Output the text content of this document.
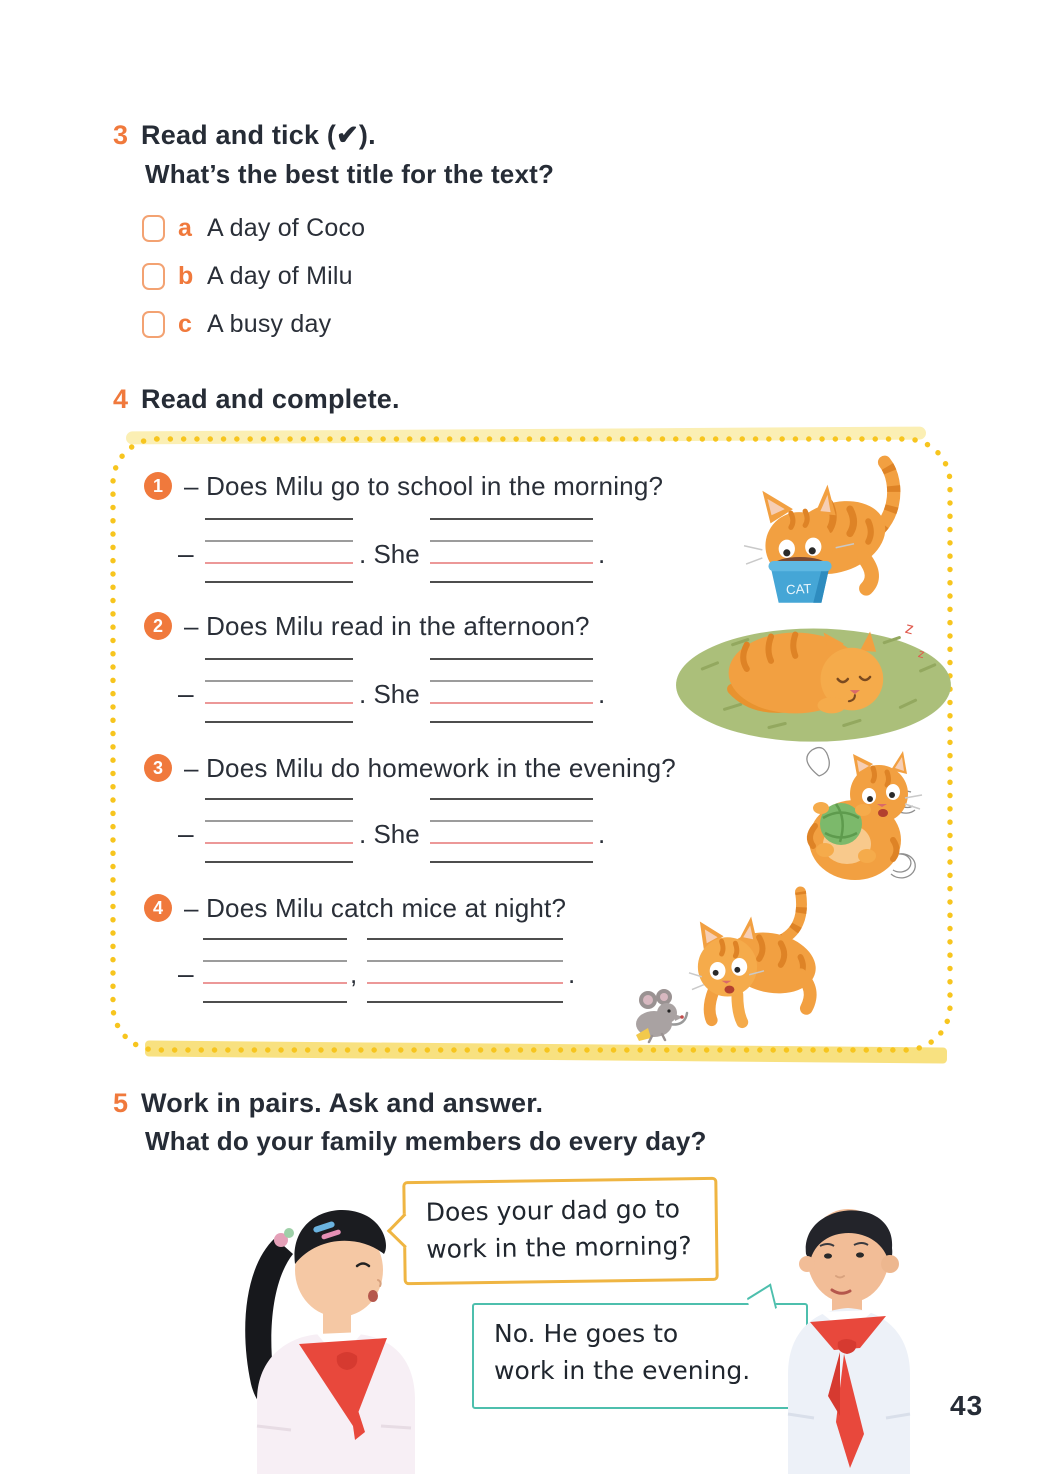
3 Read and tick (✔).
What’s the best title for the text?
a A day of Coco
b A day of Milu
c A busy day
4 Read and complete.
1 – Does Milu go to school in the morning?
–	. She	.
2 – Does Milu read in the afternoon?
–	. She	.
3 – Does Milu do homework in the evening?
–	. She	.
4 – Does Milu catch mice at night?
–	,	.
CAT
z
z
5 Work in pairs. Ask and answer.
What do your family members do every day?
Does your dad go to
work in the morning?
No. He goes to
work in the evening.
43
